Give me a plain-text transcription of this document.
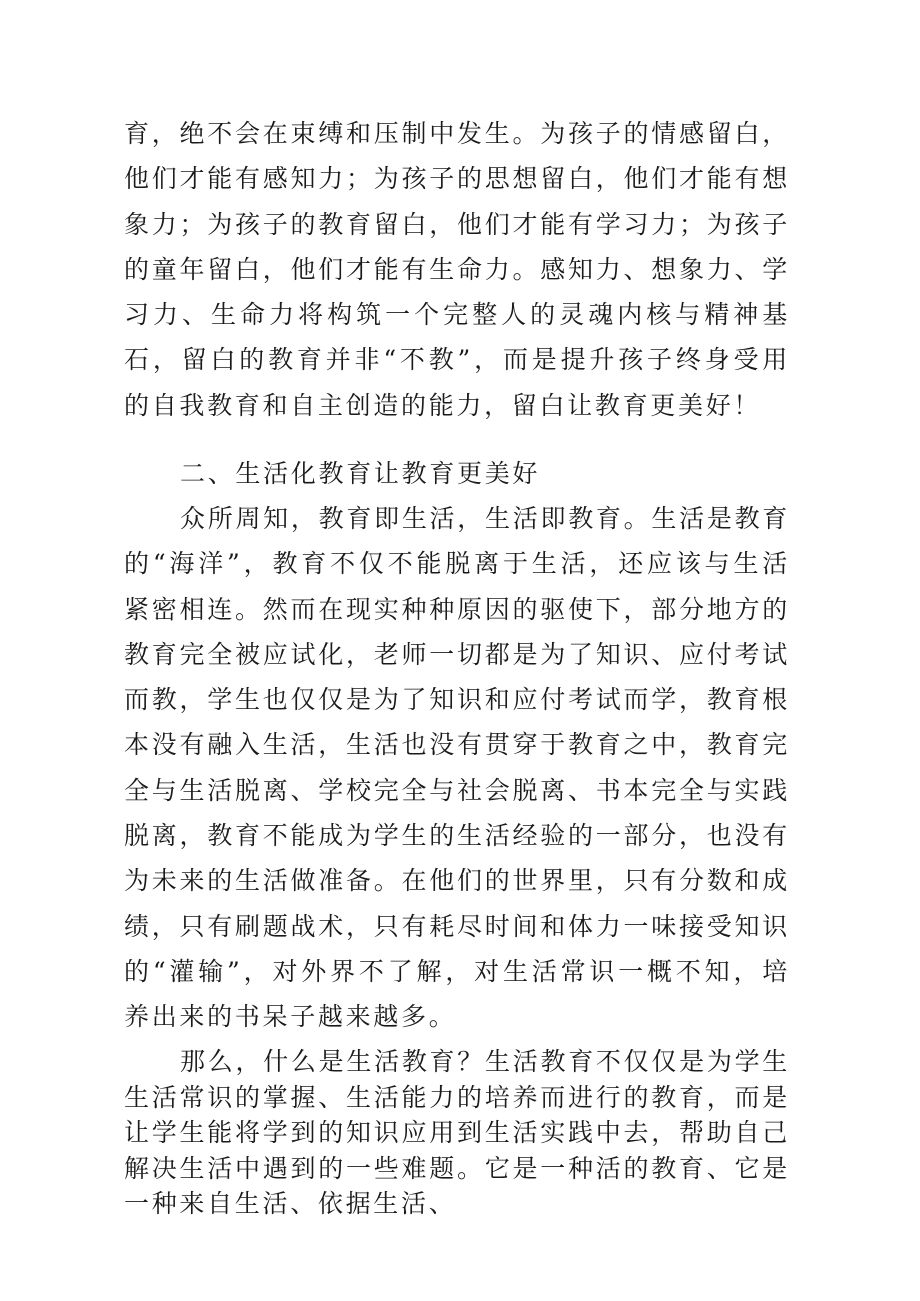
育，绝不会在束缚和压制中发生。为孩子的情感留白，他们才能有感知力；为孩子的思想留白，他们才能有想象力；为孩子的教育留白，他们才能有学习力；为孩子的童年留白，他们才能有生命力。感知力、想象力、学习力、生命力将构筑一个完整人的灵魂内核与精神基石，留白的教育并非“不教”，而是提升孩子终身受用的自我教育和自主创造的能力，留白让教育更美好！

二、生活化教育让教育更美好

众所周知，教育即生活，生活即教育。生活是教育的“海洋”，教育不仅不能脱离于生活，还应该与生活紧密相连。然而在现实种种原因的驱使下，部分地方的教育完全被应试化，老师一切都是为了知识、应付考试而教，学生也仅仅是为了知识和应付考试而学，教育根本没有融入生活，生活也没有贯穿于教育之中，教育完全与生活脱离、学校完全与社会脱离、书本完全与实践脱离，教育不能成为学生的生活经验的一部分，也没有为未来的生活做准备。在他们的世界里，只有分数和成绩，只有刷题战术，只有耗尽时间和体力一味接受知识的“灌输”，对外界不了解，对生活常识一概不知，培养出来的书呆子越来越多。

那么，什么是生活教育？生活教育不仅仅是为学生生活常识的掌握、生活能力的培养而进行的教育，而是让学生能将学到的知识应用到生活实践中去，帮助自己解决生活中遇到的一些难题。它是一种活的教育、它是一种来自生活、依据生活、
